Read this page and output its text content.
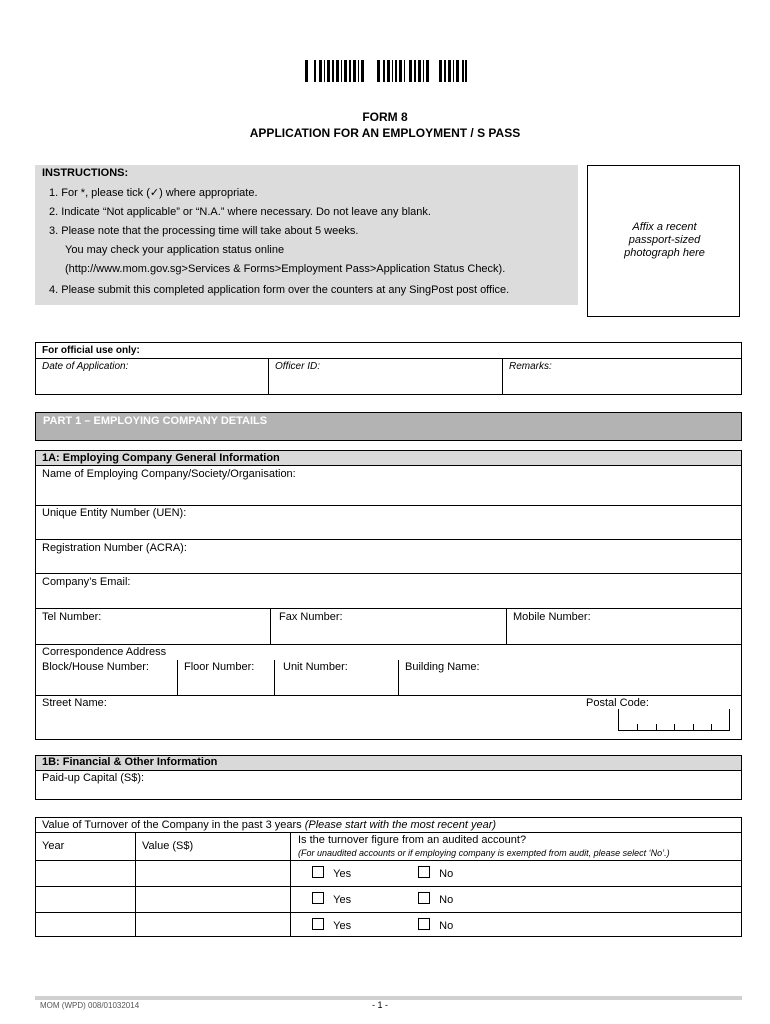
FORM 8
APPLICATION FOR AN EMPLOYMENT / S PASS
INSTRUCTIONS:
1. For *, please tick (✓) where appropriate.
2. Indicate “Not applicable” or “N.A.” where necessary. Do not leave any blank.
3. Please note that the processing time will take about 5 weeks.
You may check your application status online
(http://www.mom.gov.sg>Services & Forms>Employment Pass>Application Status Check).
4. Please submit this completed application form over the counters at any SingPost post office.
Affix a recent
passport-sized
photograph here
For official use only:
Date of Application:	Officer ID:	Remarks:
PART 1 – EMPLOYING COMPANY DETAILS
1A: Employing Company General Information
Name of Employing Company/Society/Organisation:
Unique Entity Number (UEN):
Registration Number (ACRA):
Company’s Email:
Tel Number:	Fax Number:	Mobile Number:
Correspondence Address
Block/House Number:	Floor Number:	Unit Number:	Building Name:
Street Name:	Postal Code:
1B: Financial & Other Information
Paid-up Capital (S$):
Value of Turnover of the Company in the past 3 years (Please start with the most recent year)
Year	Value (S$)	Is the turnover figure from an audited account?
(For unaudited accounts or if employing company is exempted from audit, please select ‘No’.)
Yes	No
Yes	No
Yes	No
MOM (WPD) 008/01032014	- 1 -
